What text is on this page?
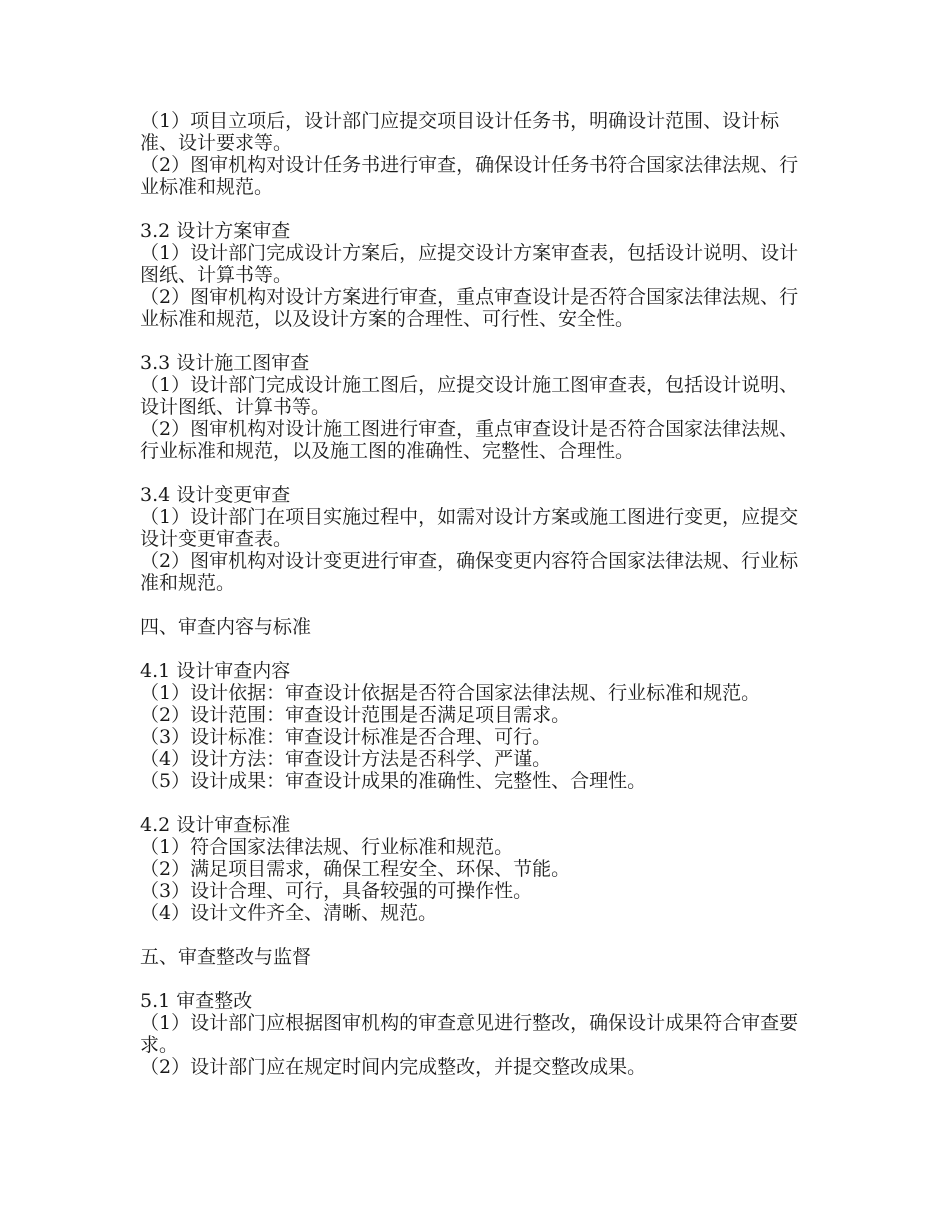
（1）项目立项后，设计部门应提交项目设计任务书，明确设计范围、设计标准、设计要求等。

（2）图审机构对设计任务书进行审查，确保设计任务书符合国家法律法规、行业标准和规范。

3.2 设计方案审查

（1）设计部门完成设计方案后，应提交设计方案审查表，包括设计说明、设计图纸、计算书等。

（2）图审机构对设计方案进行审查，重点审查设计是否符合国家法律法规、行业标准和规范，以及设计方案的合理性、可行性、安全性。

3.3 设计施工图审查

（1）设计部门完成设计施工图后，应提交设计施工图审查表，包括设计说明、设计图纸、计算书等。

（2）图审机构对设计施工图进行审查，重点审查设计是否符合国家法律法规、行业标准和规范，以及施工图的准确性、完整性、合理性。

3.4 设计变更审查

（1）设计部门在项目实施过程中，如需对设计方案或施工图进行变更，应提交设计变更审查表。

（2）图审机构对设计变更进行审查，确保变更内容符合国家法律法规、行业标准和规范。

四、审查内容与标准

4.1 设计审查内容

（1）设计依据：审查设计依据是否符合国家法律法规、行业标准和规范。

（2）设计范围：审查设计范围是否满足项目需求。

（3）设计标准：审查设计标准是否合理、可行。

（4）设计方法：审查设计方法是否科学、严谨。

（5）设计成果：审查设计成果的准确性、完整性、合理性。

4.2 设计审查标准

（1）符合国家法律法规、行业标准和规范。

（2）满足项目需求，确保工程安全、环保、节能。

（3）设计合理、可行，具备较强的可操作性。

（4）设计文件齐全、清晰、规范。

五、审查整改与监督

5.1 审查整改

（1）设计部门应根据图审机构的审查意见进行整改，确保设计成果符合审查要求。

（2）设计部门应在规定时间内完成整改，并提交整改成果。
